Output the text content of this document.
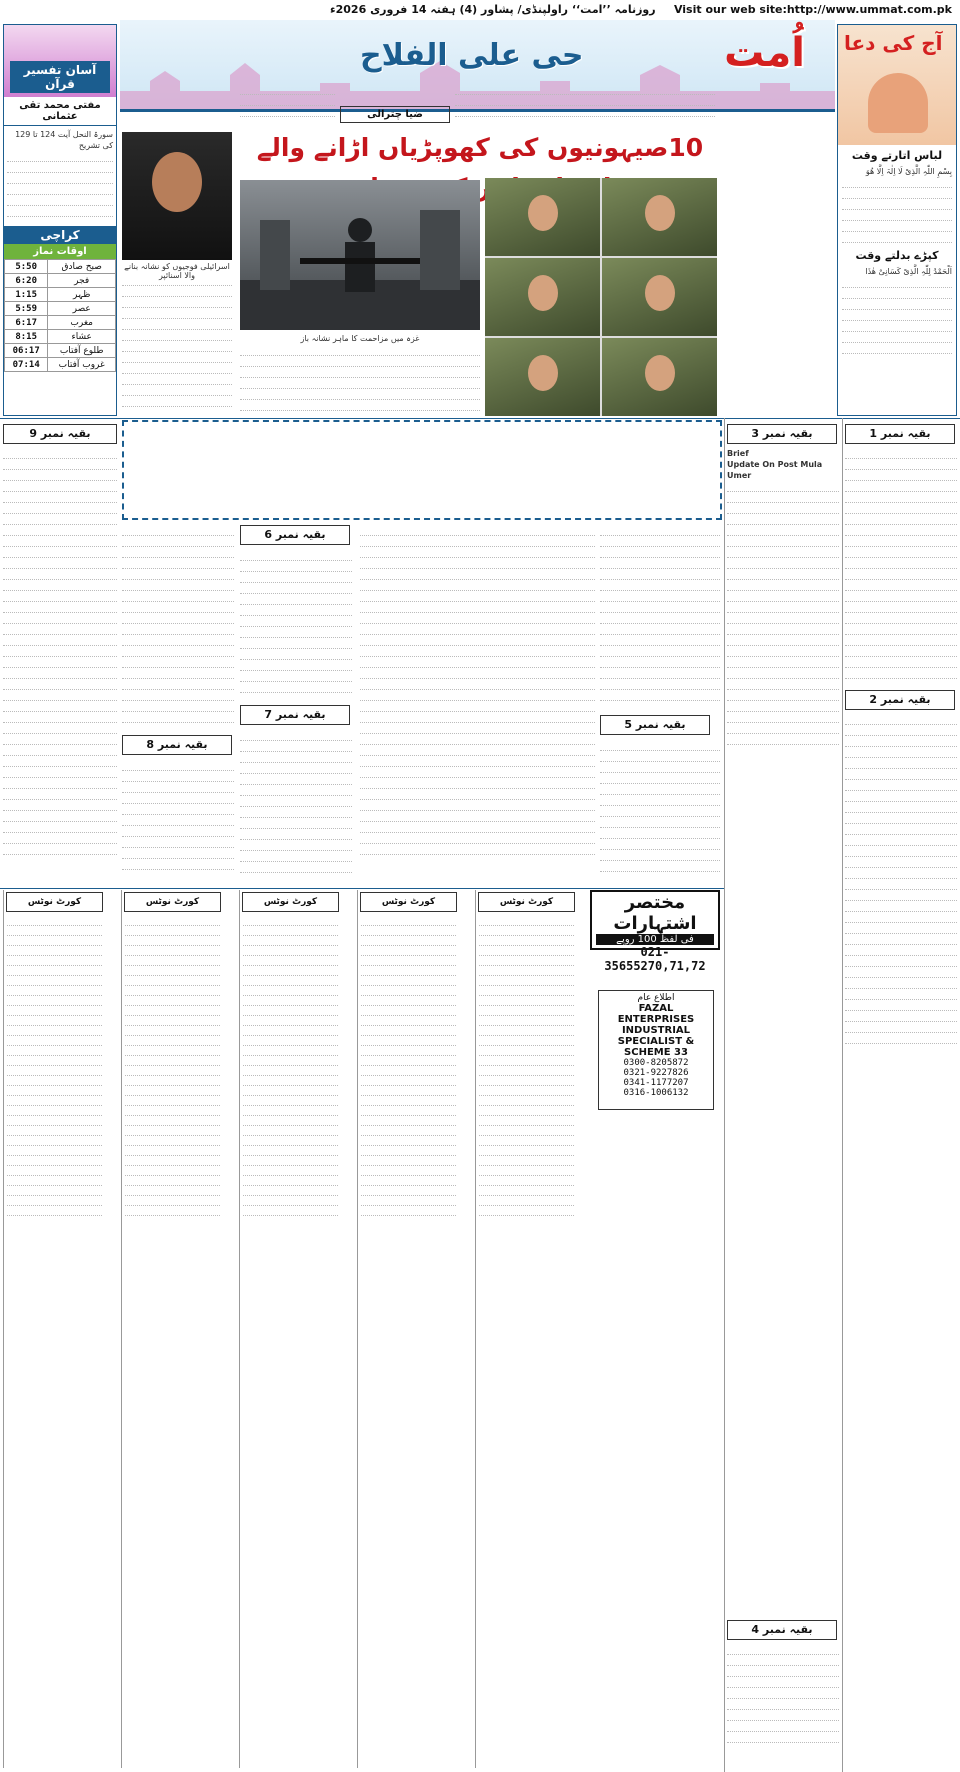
روزنامہ ’’امت‘‘ راولپنڈی/ پشاور (4) ہفتہ 14 فروری 2026ء Visit our web site:http://www.ummat.com.pk
حی علی الفلاح	اُمت
آسان تفسیر قرآن
مفتی محمد تقی عثمانی
سورۃ النحل آیت 124 تا 129 کی تشریح
کراچی
اوقات نماز
5:50	صبح صادق
6:20	فجر
1:15	ظہر
5:59	عصر
6:17	مغرب
8:15	عشاء
06:17	طلوع آفتاب
07:14	غروب آفتاب
آج کی دعا
لباس اتارتے وقت
بِسْمِ اللّٰہِ الَّذِیْ لَا اِلٰہَ اِلَّا ھُوَ
کپڑے بدلتے وقت
اَلْحَمْدُ لِلّٰہِ الَّذِیْ کَسَانِیْ ھٰذَا
ضیا چترالی
10صیہونیوں کی کھوپڑیاں اڑانے والے
اسرائیلی فوجیوں کو نشانہ بنانے والا اسنائپر
غزہ میں مزاحمت کا ماہر نشانہ باز
بقیہ نمبر 1
بقیہ نمبر 2
بقیہ نمبر 3
بقیہ نمبر 4
بقیہ نمبر 5
بقیہ نمبر 6
بقیہ نمبر 7
بقیہ نمبر 8
بقیہ نمبر 9
Brief
Update On Post Mula Umer
کورٹ نوٹس	کورٹ نوٹس	کورٹ نوٹس	کورٹ نوٹس	کورٹ نوٹس	مختصر اشتہارات
فی لفظ 100 روپے
021-35655270,71,72
اطلاع عام
FAZAL ENTERPRISES INDUSTRIAL SPECIALIST & SCHEME 33
0300-8205872
0321-9227826
0341-1177207
0316-1006132
